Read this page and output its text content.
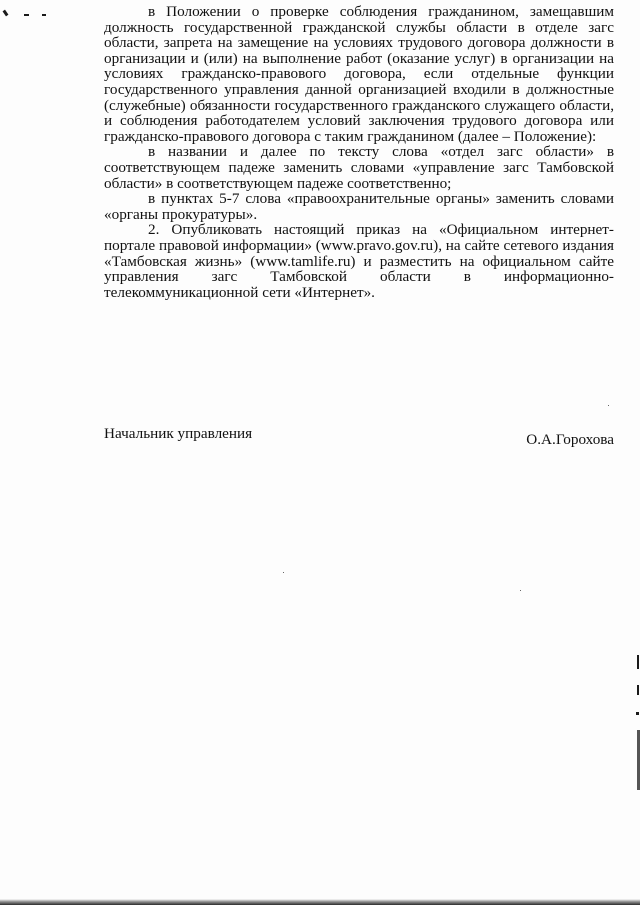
в Положении о проверке соблюдения гражданином, замещавшим должность государственной гражданской службы области в отделе загс области, запрета на замещение на условиях трудового договора должности в организации и (или) на выполнение работ (оказание услуг) в организации на условиях гражданско-правового договора, если отдельные функции государственного управления данной организацией входили в должностные (служебные) обязанности государственного гражданского служащего области, и соблюдения работодателем условий заключения трудового договора или гражданско-правового договора с таким гражданином (далее – Положение):

в названии и далее по тексту слова «отдел загс области» в соответствующем падеже заменить словами «управление загс Тамбовской области» в соответствующем падеже соответственно;

в пунктах 5-7 слова «правоохранительные органы» заменить словами «органы прокуратуры».

2. Опубликовать настоящий приказ на «Официальном интернет-портале правовой информации» (www.pravo.gov.ru), на сайте сетевого издания «Тамбовская жизнь» (www.tamlife.ru) и разместить на официальном сайте управления загс Тамбовской области в информационно-телекоммуникационной сети «Интернет».

Начальник управления	О.А.Горохова
